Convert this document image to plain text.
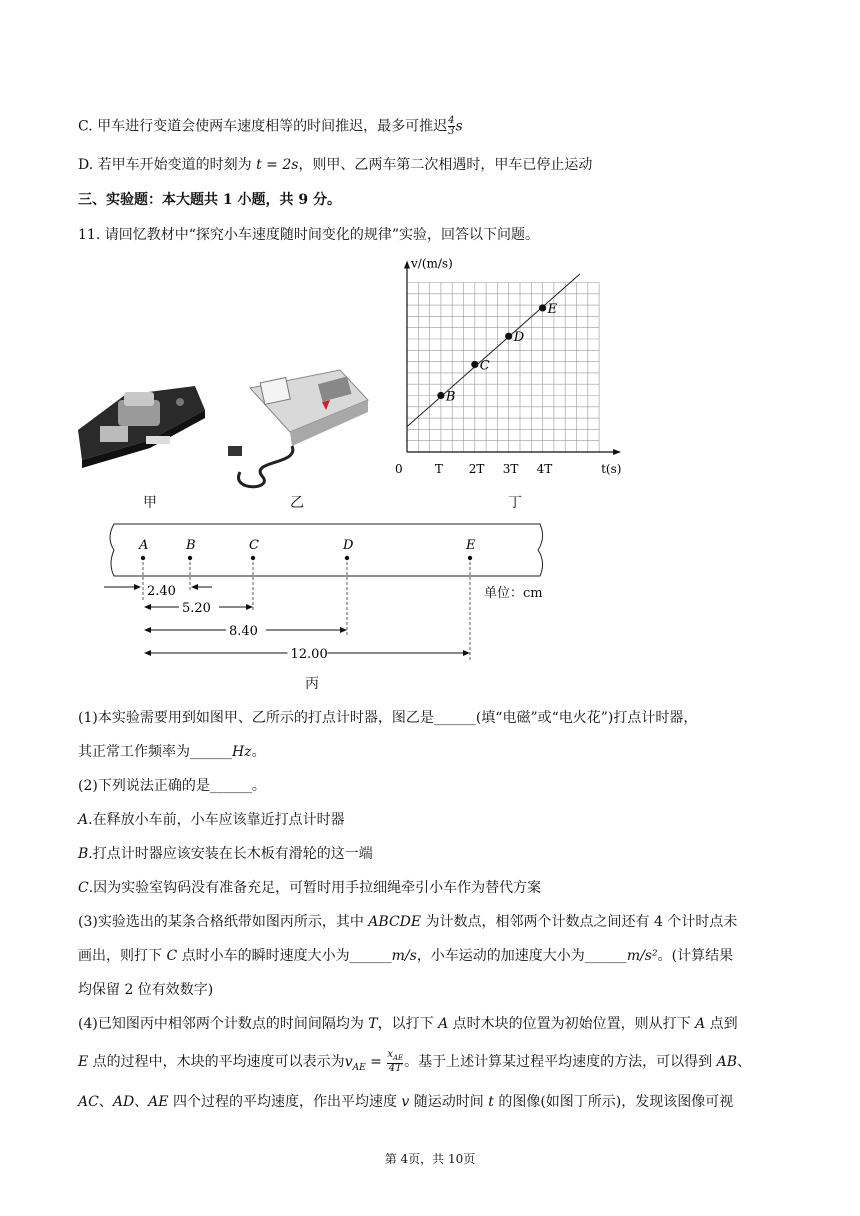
C. 甲车进行变道会使两车速度相等的时间推迟，最多可推迟 $\frac{4}{3}$ s
D. 若甲车开始变道的时刻为 t = 2s，则甲、乙两车第二次相遇时，甲车已停止运动
三、实验题：本大题共 1 小题，共 9 分。
11. 请回忆教材中“探究小车速度随时间变化的规律”实验，回答以下问题。
v/(m/s)
t(s)
0	T 2T 3T 4T
B
C
D
E
A	B	C	D	E
2.40
5.20
8.40
12.00
甲	乙	丁
丙
单位：cm
(1)本实验需要用到如图甲、乙所示的打点计时器，图乙是______(填“电磁”或“电火花”)打点计时器，
其正常工作频率为______Hz。
(2)下列说法正确的是______。
A.在释放小车前，小车应该靠近打点计时器
B.打点计时器应该安装在长木板有滑轮的这一端
C.因为实验室钩码没有准备充足，可暂时用手拉细绳牵引小车作为替代方案
(3)实验选出的某条合格纸带如图丙所示，其中 ABCDE 为计数点，相邻两个计数点之间还有 4 个计时点未
画出，则打下 C 点时小车的瞬时速度大小为______m/s，小车运动的加速度大小为______m/s²。(计算结果
均保留 2 位有效数字)
(4)已知图丙中相邻两个计数点的时间间隔均为 T，以打下 A 点时木块的位置为初始位置，则从打下 A 点到
E 点的过程中，木块的平均速度可以表示为$v_{AE} = \frac{x_{AE}}{4T}$ 。基于上述计算某过程平均速度的方法，可以得到 AB、
AC、AD、AE 四个过程的平均速度，作出平均速度 v 随运动时间 t 的图像(如图丁所示)，发现该图像可视
第 4页，共 10页
